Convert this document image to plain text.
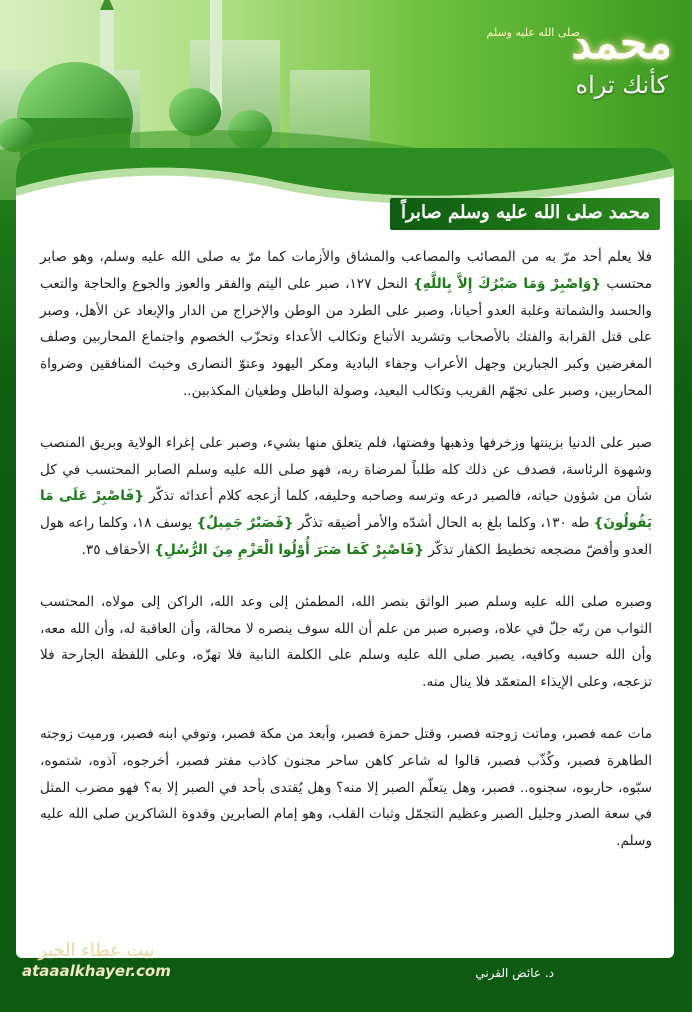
محمد
كأنك تراه
صلى الله عليه وسلم
محمد صلى الله عليه وسلم صابراً

فلا يعلم أحد مرّ به من المصائب والمصاعب والمشاق والأزمات كما مرّ به صلى الله عليه وسلم، وهو صابر محتسب {وَاصْبِرْ وَمَا صَبْرُكَ إِلاَّ بِاللَّهِ} النحل ١٢٧، صبر على اليتم والفقر والعوز والجوع والحاجة والتعب والحسد والشماتة وغلبة العدو أحيانا، وصبر على الطرد من الوطن والإخراج من الدار والإبعاد عن الأهل، وصبر على قتل القرابة والفتك بالأصحاب وتشريد الأتباع وتكالب الأعداء وتحزّب الخصوم واجتماع المحاربين وصلف المغرضين وكبر الجبارين وجهل الأعراب وجفاء البادية ومكر اليهود وعتوّ النصارى وخبث المنافقين وضرواة المحاربين، وصبر على تجهّم القريب وتكالب البعيد، وصولة الباطل وطغيان المكذبين..

صبر على الدنيا بزينتها وزخرفها وذهبها وفضتها، فلم يتعلق منها بشيء، وصبر على إغراء الولاية وبريق المنصب وشهوة الرئاسة، فصدف عن ذلك كله طلباً لمرضاة ربه، فهو صلى الله عليه وسلم الصابر المحتسب في كل شأن من شؤون حياته، فالصبر درعه وترسه وصاحبه وحليفه، كلما أزعجه كلام أعدائه تذكّر {فَاصْبِرْ عَلَى مَا يَقُولُونَ} طه ١٣٠، وكلما بلغ به الحال أشدّه والأمر أضيقه تذكّر {فَصَبْرٌ جَمِيلٌ} يوسف ١٨، وكلما راعه هول العدو وأقضّ مضجعه تخطيط الكفار تذكّر {فَاصْبِرْ كَمَا صَبَرَ أُوْلُوا الْعَزْمِ مِنَ الرُّسُلِ} الأحقاف ٣٥.

وصبره صلى الله عليه وسلم صبر الواثق بنصر الله، المطمئن إلى وعد الله، الراكن إلى مولاه، المحتسب الثواب من ربّه جلّ في علاه، وصبره صبر من علم أن الله سوف ينصره لا محالة، وأن العاقبة له، وأن الله معه، وأن الله حسبه وكافيه، يصبر صلى الله عليه وسلم على الكلمة النابية فلا تهزّه، وعلى اللفظة الجارحة فلا تزعجه، وعلى الإيذاء المتعمّد فلا ينال منه.

مات عمه فصبر، وماتت زوجته فصبر، وقتل حمزة فصبر، وأبعد من مكة فصبر، وتوفي ابنه فصبر، ورميت زوجته الطاهرة فصبر، وكُذّب فصبر، قالوا له شاعر كاهن ساحر مجنون كاذب مفتر فصبر، أخرجوه، آذوه، شتموه، سبّوه، حاربوه، سجنوه.. فصبر، وهل يتعلّم الصبر إلا منه؟ وهل يُقتدى بأحد في الصبر إلا به؟ فهو مضرب المثل في سعة الصدر وجليل الصبر وعظيم التجمّل وثبات القلب، وهو إمام الصابرين وقدوة الشاكرين صلى الله عليه وسلم.

د. عائض القرني
بيت عطاء الخير
ataaalkhayer.com
